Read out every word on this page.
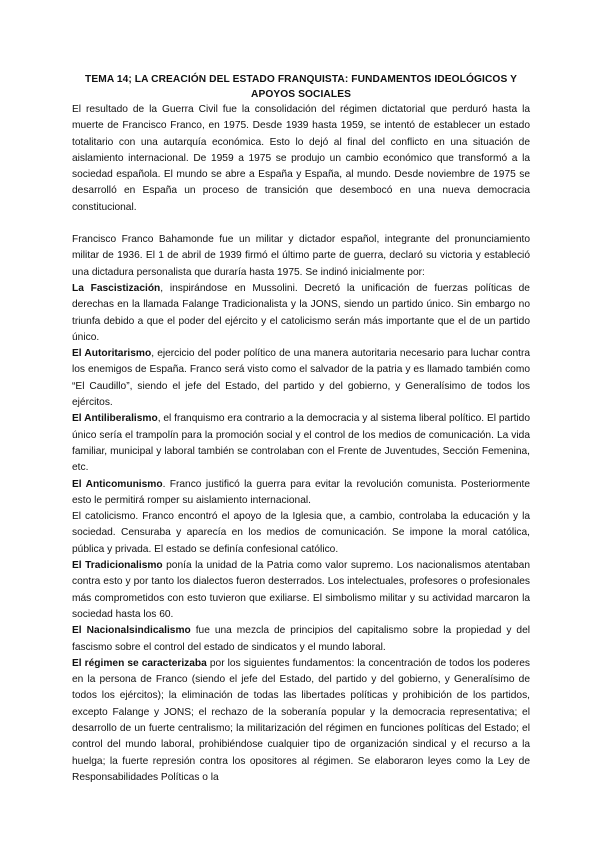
TEMA 14; LA CREACIÓN DEL ESTADO FRANQUISTA: FUNDAMENTOS IDEOLÓGICOS Y APOYOS SOCIALES

El resultado de la Guerra Civil fue la consolidación del régimen dictatorial que perduró hasta la muerte de Francisco Franco, en 1975. Desde 1939 hasta 1959, se intentó de establecer un estado totalitario con una autarquía económica. Esto lo dejó al final del conflicto en una situación de aislamiento internacional. De 1959 a 1975 se produjo un cambio económico que transformó a la sociedad española. El mundo se abre a España y España, al mundo. Desde noviembre de 1975 se desarrolló en España un proceso de transición que desembocó en una nueva democracia constitucional.

Francisco Franco Bahamonde fue un militar y dictador español, integrante del pronunciamiento militar de 1936. El 1 de abril de 1939 firmó el último parte de guerra, declaró su victoria y estableció una dictadura personalista que duraría hasta 1975. Se indinó inicialmente por:

La Fascistización, inspirándose en Mussolini. Decretó la unificación de fuerzas políticas de derechas en la llamada Falange Tradicionalista y la JONS, siendo un partido único. Sin embargo no triunfa debido a que el poder del ejército y el catolicismo serán más importante que el de un partido único.

El Autoritarismo, ejercicio del poder político de una manera autoritaria necesario para luchar contra los enemigos de España. Franco será visto como el salvador de la patria y es llamado también como “El Caudillo”, siendo el jefe del Estado, del partido y del gobierno, y Generalísimo de todos los ejércitos.

El Antiliberalismo, el franquismo era contrario a la democracia y al sistema liberal político. El partido único sería el trampolín para la promoción social y el control de los medios de comunicación. La vida familiar, municipal y laboral también se controlaban con el Frente de Juventudes, Sección Femenina, etc.

El Anticomunismo. Franco justificó la guerra para evitar la revolución comunista. Posteriormente esto le permitirá romper su aislamiento internacional.

El catolicismo. Franco encontró el apoyo de la Iglesia que, a cambio, controlaba la educación y la sociedad. Censuraba y aparecía en los medios de comunicación. Se impone la moral católica, pública y privada. El estado se definía confesional católico.

El Tradicionalismo ponía la unidad de la Patria como valor supremo. Los nacionalismos atentaban contra esto y por tanto los dialectos fueron desterrados. Los intelectuales, profesores o profesionales más comprometidos con esto tuvieron que exiliarse. El simbolismo militar y su actividad marcaron la sociedad hasta los 60.

El Nacionalsindicalismo fue una mezcla de principios del capitalismo sobre la propiedad y del fascismo sobre el control del estado de sindicatos y el mundo laboral.

El régimen se caracterizaba por los siguientes fundamentos: la concentración de todos los poderes en la persona de Franco (siendo el jefe del Estado, del partido y del gobierno, y Generalísimo de todos los ejércitos); la eliminación de todas las libertades políticas y prohibición de los partidos, excepto Falange y JONS; el rechazo de la soberanía popular y la democracia representativa; el desarrollo de un fuerte centralismo; la militarización del régimen en funciones políticas del Estado; el control del mundo laboral, prohibiéndose cualquier tipo de organización sindical y el recurso a la huelga; la fuerte represión contra los opositores al régimen. Se elaboraron leyes como la Ley de Responsabilidades Políticas o la
